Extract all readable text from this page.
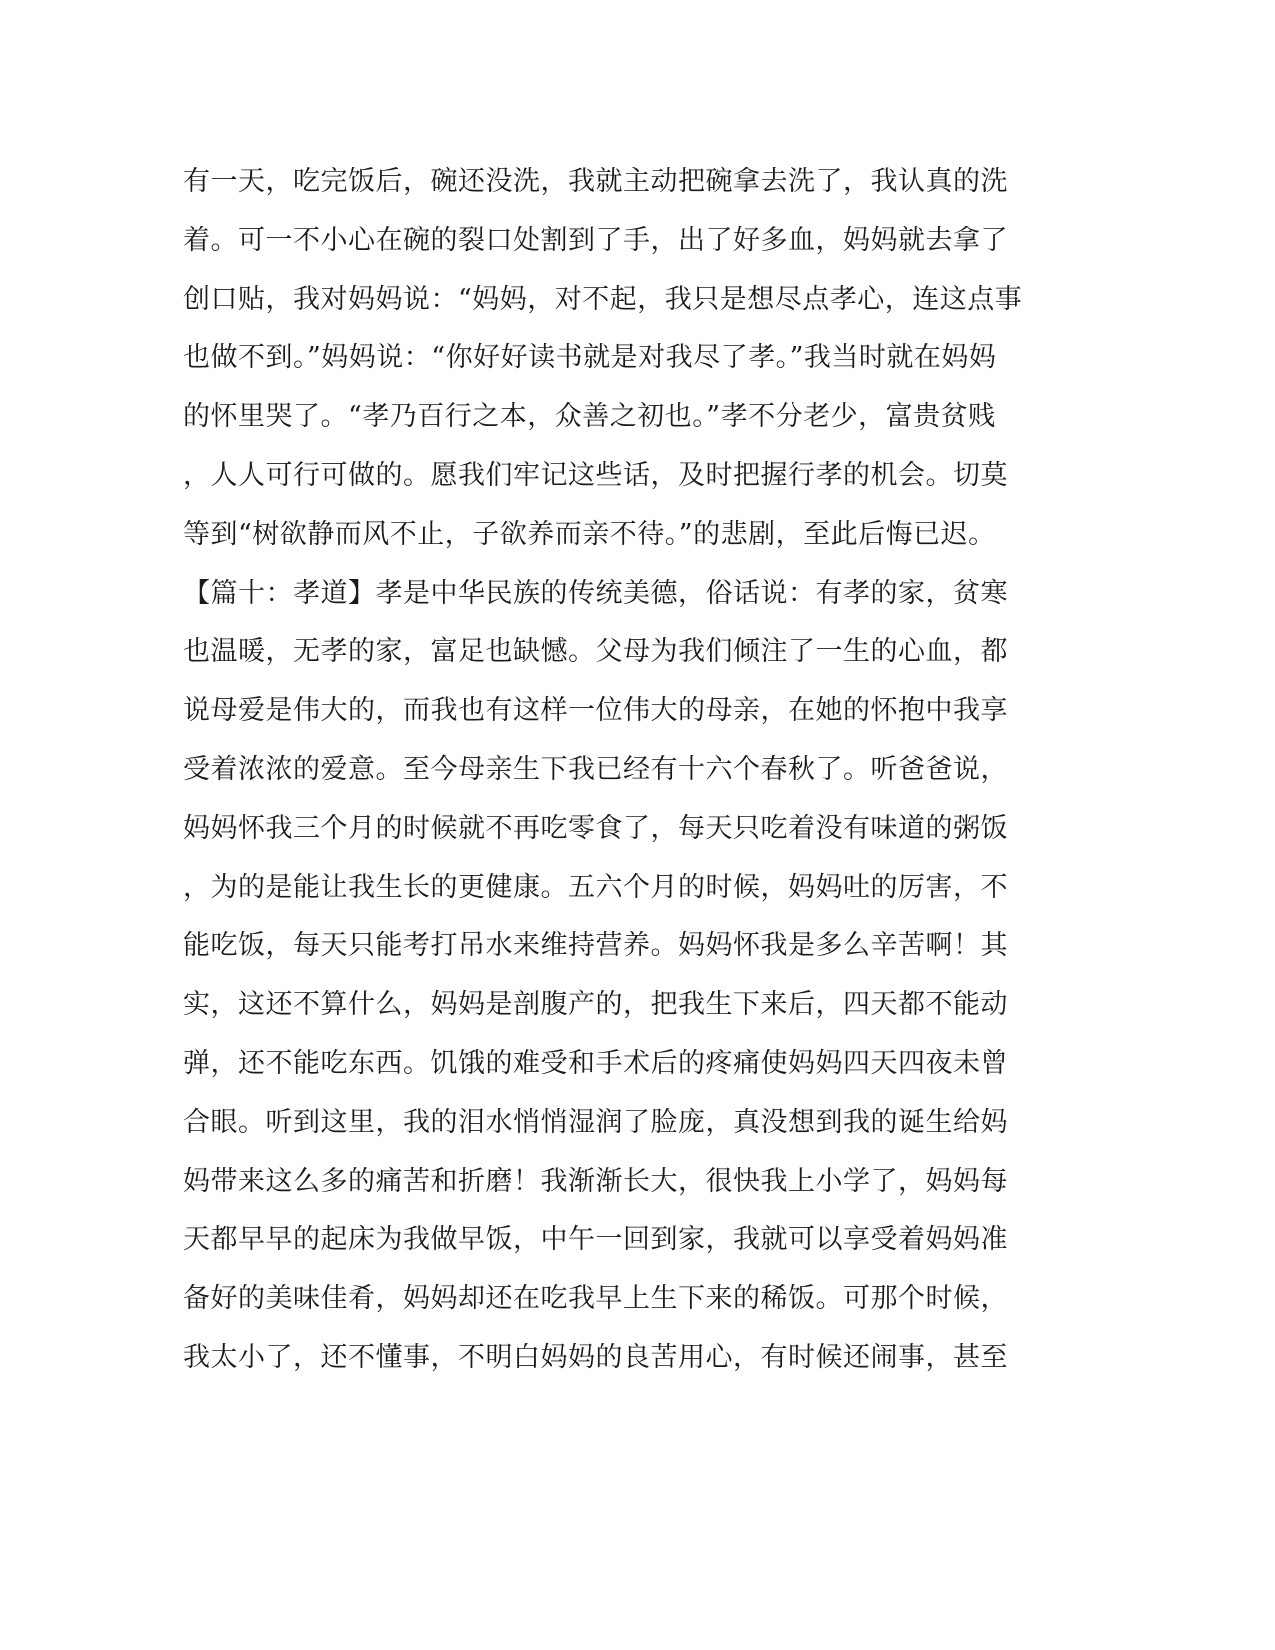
有一天，吃完饭后，碗还没洗，我就主动把碗拿去洗了，我认真的洗
着。可一不小心在碗的裂口处割到了手，出了好多血，妈妈就去拿了
创口贴，我对妈妈说：“妈妈，对不起，我只是想尽点孝心，连这点事
也做不到。”妈妈说：“你好好读书就是对我尽了孝。”我当时就在妈妈
的怀里哭了。“孝乃百行之本，众善之初也。”孝不分老少，富贵贫贱
，人人可行可做的。愿我们牢记这些话，及时把握行孝的机会。切莫
等到“树欲静而风不止，子欲养而亲不待。”的悲剧，至此后悔已迟。
【篇十：孝道】孝是中华民族的传统美德，俗话说：有孝的家，贫寒
也温暖，无孝的家，富足也缺憾。父母为我们倾注了一生的心血，都
说母爱是伟大的，而我也有这样一位伟大的母亲，在她的怀抱中我享
受着浓浓的爱意。至今母亲生下我已经有十六个春秋了。听爸爸说，
妈妈怀我三个月的时候就不再吃零食了，每天只吃着没有味道的粥饭
，为的是能让我生长的更健康。五六个月的时候，妈妈吐的厉害，不
能吃饭，每天只能考打吊水来维持营养。妈妈怀我是多么辛苦啊！其
实，这还不算什么，妈妈是剖腹产的，把我生下来后，四天都不能动
弹，还不能吃东西。饥饿的难受和手术后的疼痛使妈妈四天四夜未曾
合眼。听到这里，我的泪水悄悄湿润了脸庞，真没想到我的诞生给妈
妈带来这么多的痛苦和折磨！我渐渐长大，很快我上小学了，妈妈每
天都早早的起床为我做早饭，中午一回到家，我就可以享受着妈妈准
备好的美味佳肴，妈妈却还在吃我早上生下来的稀饭。可那个时候，
我太小了，还不懂事，不明白妈妈的良苦用心，有时候还闹事，甚至
